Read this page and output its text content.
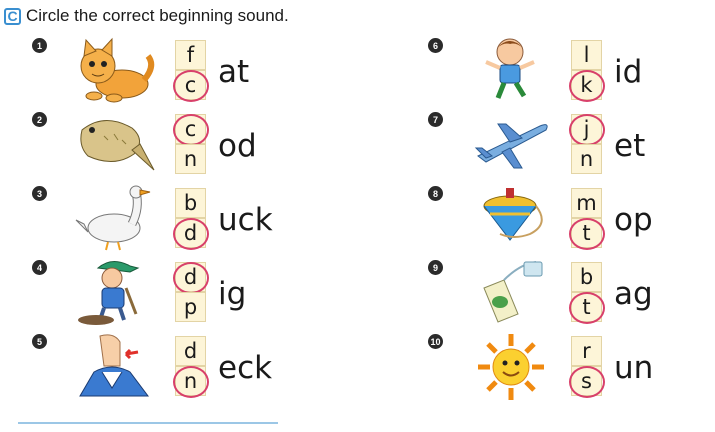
C Circle the correct beginning sound.
1	f
c at
2	c
n od
3	b
d uck
4	d
p ig
5	d
n eck
6	l
k id
7	j
n et
8	m
t op
9	b
t ag
10	r
s un
